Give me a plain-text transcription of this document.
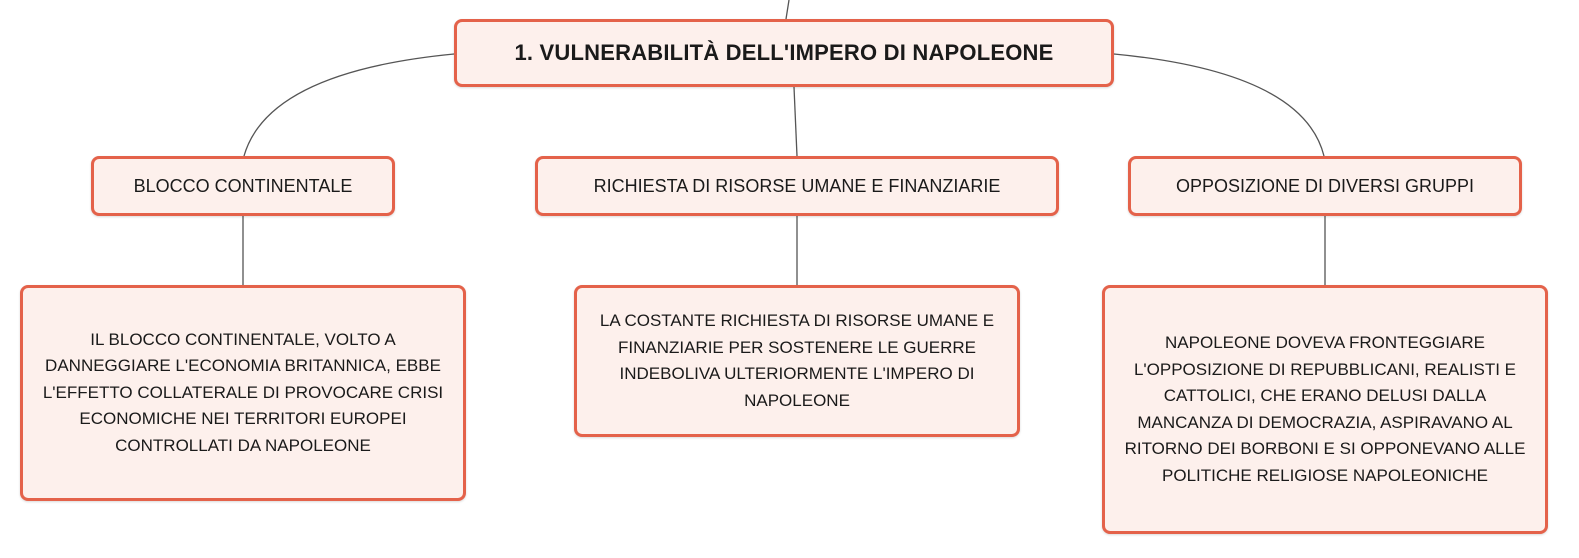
1. VULNERABILITÀ DELL'IMPERO DI NAPOLEONE
BLOCCO CONTINENTALE	RICHIESTA DI RISORSE UMANE E FINANZIARIE	OPPOSIZIONE DI DIVERSI GRUPPI
IL BLOCCO CONTINENTALE, VOLTO A DANNEGGIARE L'ECONOMIA BRITANNICA, EBBE L'EFFETTO COLLATERALE DI PROVOCARE CRISI ECONOMICHE NEI TERRITORI EUROPEI CONTROLLATI DA NAPOLEONE
LA COSTANTE RICHIESTA DI RISORSE UMANE E FINANZIARIE PER SOSTENERE LE GUERRE INDEBOLIVA ULTERIORMENTE L'IMPERO DI NAPOLEONE
NAPOLEONE DOVEVA FRONTEGGIARE L'OPPOSIZIONE DI REPUBBLICANI, REALISTI E CATTOLICI, CHE ERANO DELUSI DALLA MANCANZA DI DEMOCRAZIA, ASPIRAVANO AL RITORNO DEI BORBONI E SI OPPONEVANO ALLE POLITICHE RELIGIOSE NAPOLEONICHE
